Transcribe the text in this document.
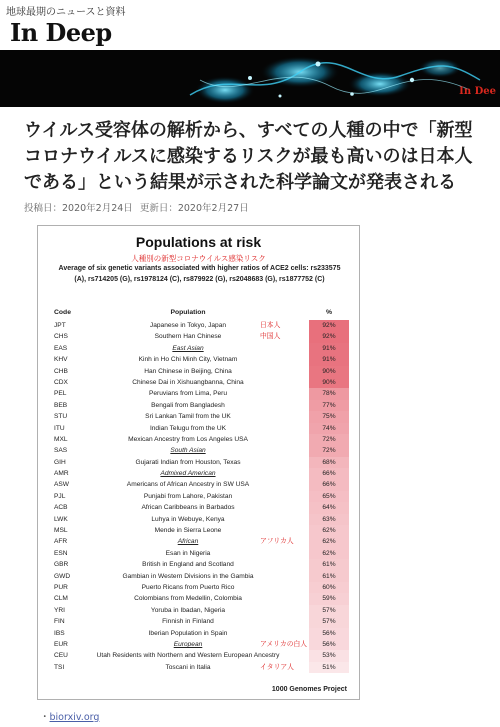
地球最期のニュースと資料
In Deep
In Dee
ウイルス受容体の解析から、すべての人種の中で「新型コロナウイルスに感染するリスクが最も高いのは日本人である」という結果が示された科学論文が発表される
投稿日：2020年2月24日 更新日：2020年2月27日
Populations at risk
人種別の新型コロナウイルス感染リスク
Average of six genetic variants associated with higher ratios of ACE2 cells: rs233575 (A), rs714205 (G), rs1978124 (C), rs879922 (G), rs2048683 (G), rs1877752 (C)
Code	Population	%
JPT	Japanese in Tokyo, Japan	日本人	92%
CHS	Southern Han Chinese	中国人	92%
EAS	East Asian	91%
KHV	Kinh in Ho Chi Minh City, Vietnam	91%
CHB	Han Chinese in Beijing, China	90%
CDX	Chinese Dai in Xishuangbanna, China	90%
PEL	Peruvians from Lima, Peru	78%
BEB	Bengali from Bangladesh	77%
STU	Sri Lankan Tamil from the UK	75%
ITU	Indian Telugu from the UK	74%
MXL	Mexican Ancestry from Los Angeles USA	72%
SAS	South Asian	72%
GIH	Gujarati Indian from Houston, Texas	68%
AMR	Admixed American	66%
ASW	Americans of African Ancestry in SW USA	66%
PJL	Punjabi from Lahore, Pakistan	65%
ACB	African Caribbeans in Barbados	64%
LWK	Luhya in Webuye, Kenya	63%
MSL	Mende in Sierra Leone	62%
AFR	African	アフリカ人	62%
ESN	Esan in Nigeria	62%
GBR	British in England and Scotland	61%
GWD	Gambian in Western Divisions in the Gambia	61%
PUR	Puerto Ricans from Puerto Rico	60%
CLM	Colombians from Medellin, Colombia	59%
YRI	Yoruba in Ibadan, Nigeria	57%
FIN	Finnish in Finland	57%
IBS	Iberian Population in Spain	56%
EUR	European	アメリカの白人	56%
CEU	Utah Residents with Northern and Western European Ancestry	53%
TSI	Toscani in Italia	イタリア人	51%
1000 Genomes Project
・biorxiv.org
